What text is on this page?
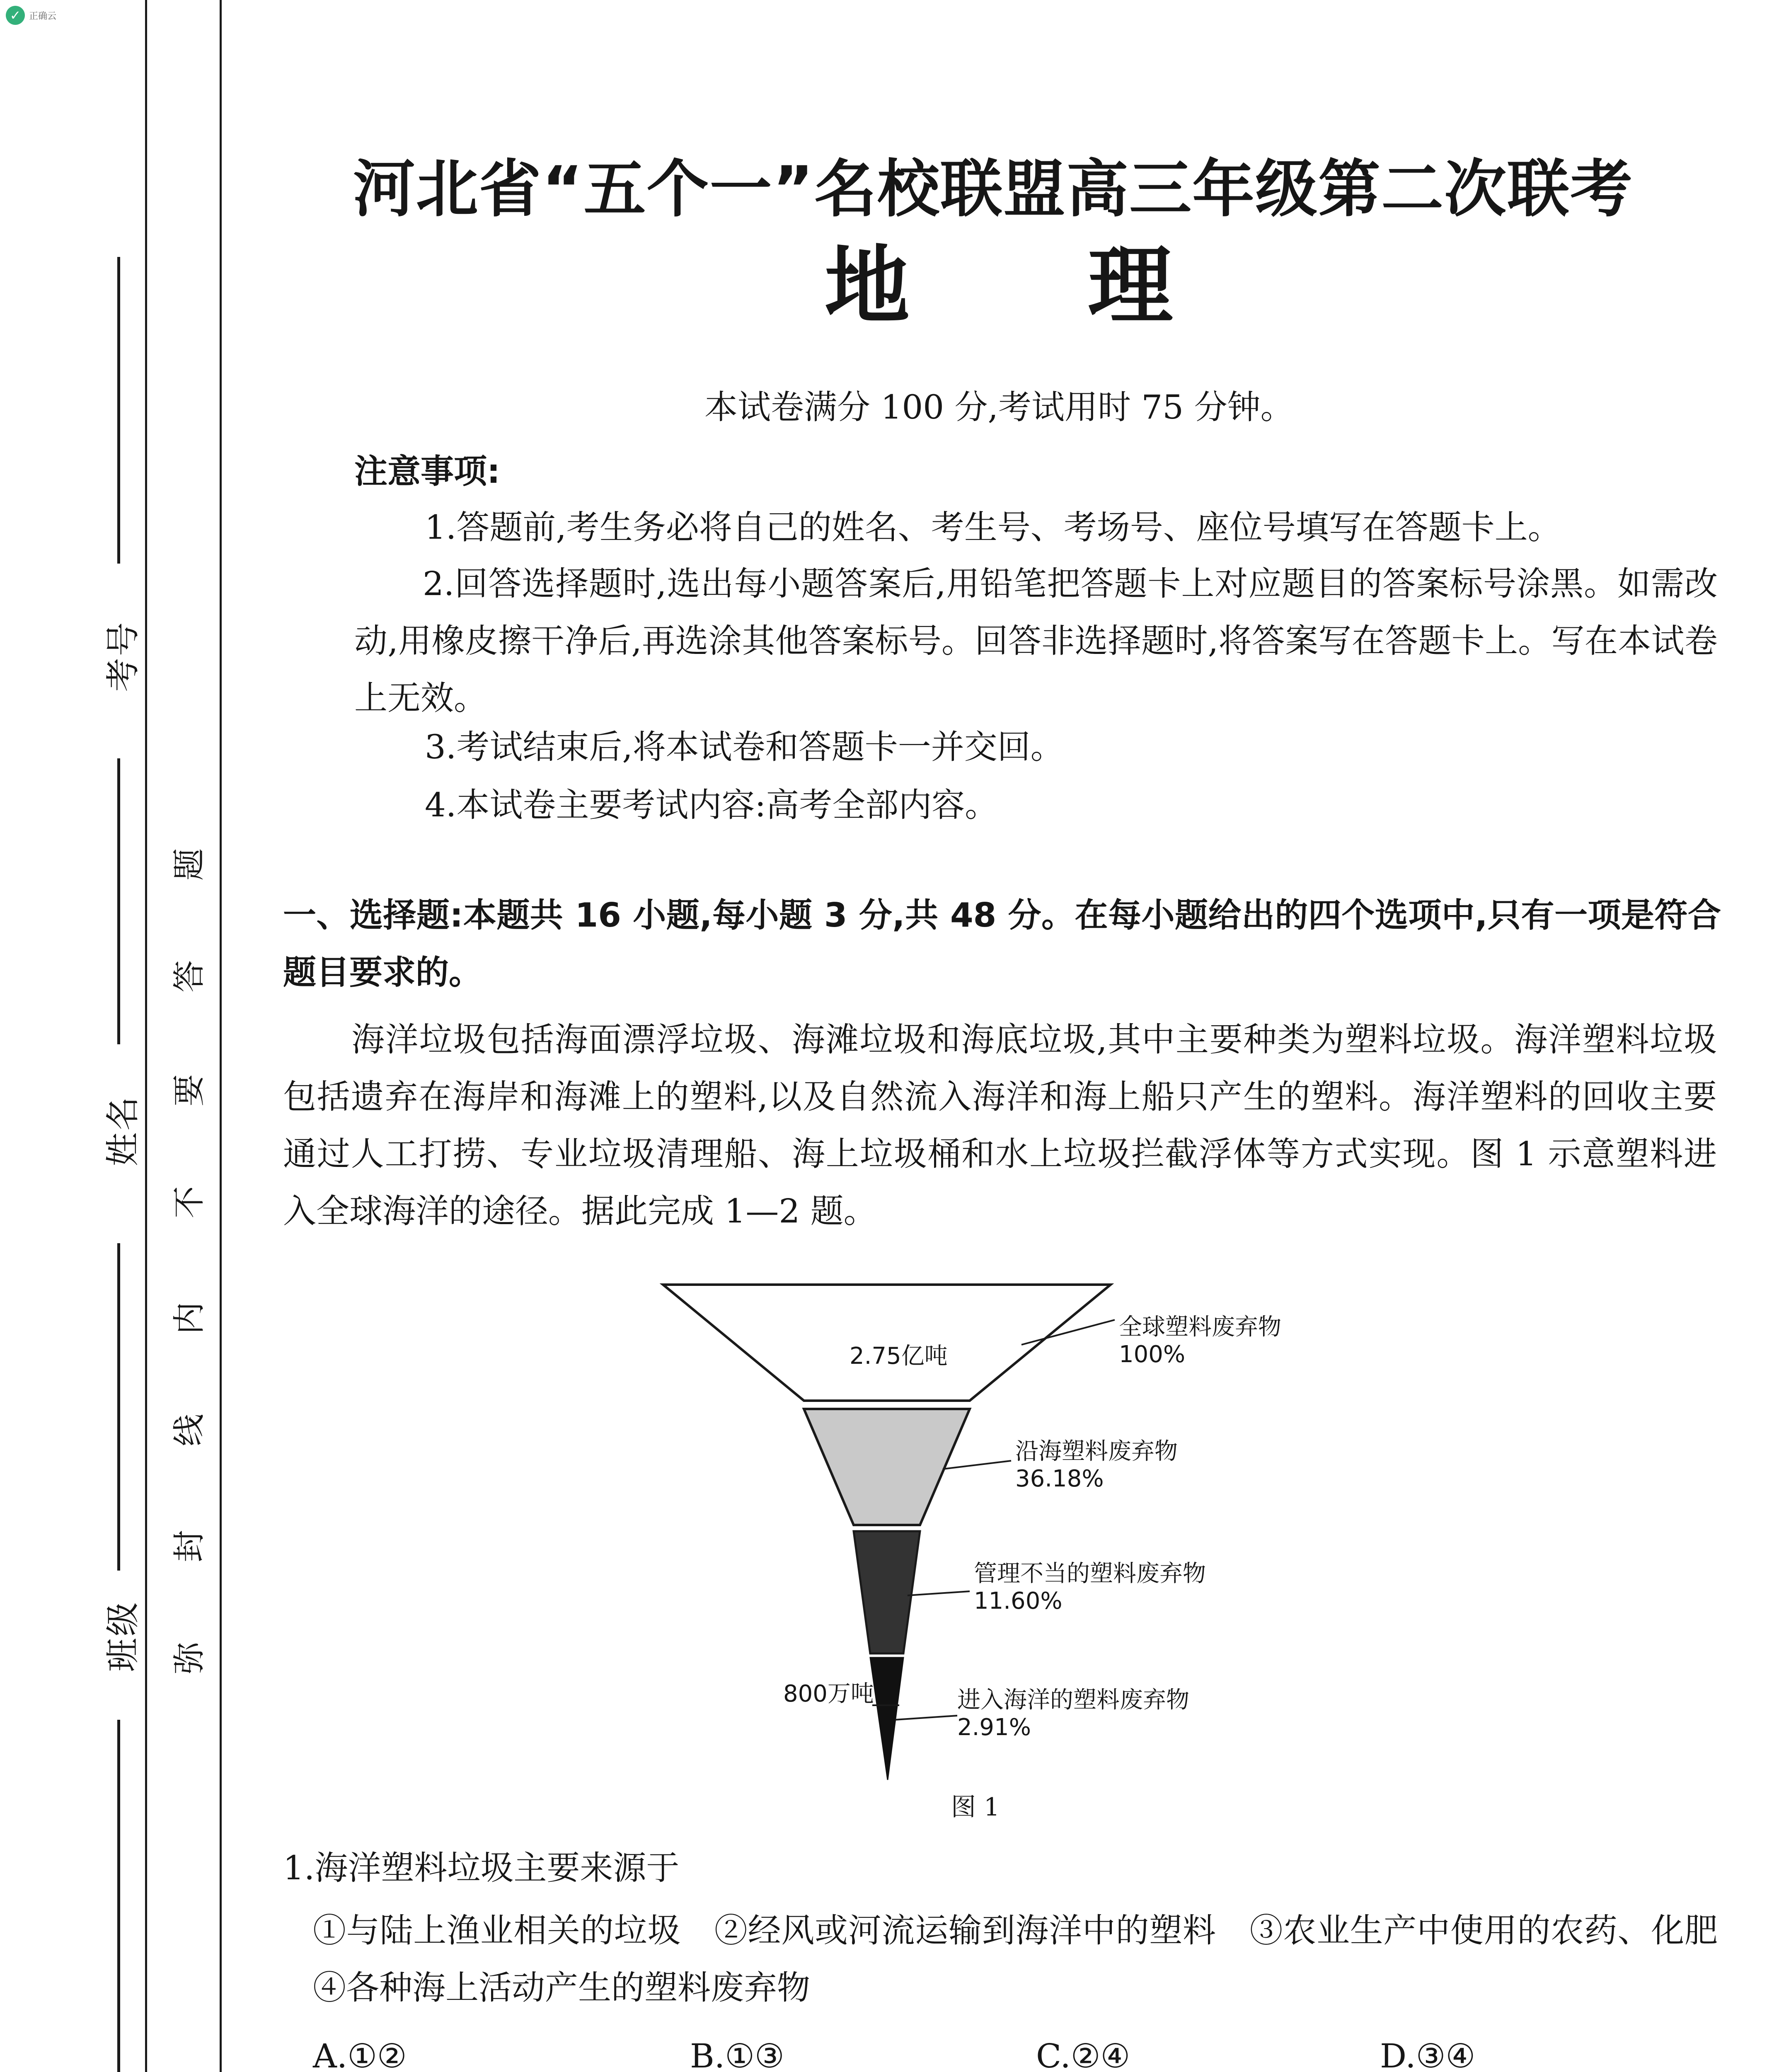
✓ 正确云
考号
姓名
班级
题
答
要
不
内
线
封
弥
河北省“五个一”名校联盟高三年级第二次联考
地理
本试卷满分 100 分,考试用时 75 分钟。
注意事项:
1.答题前,考生务必将自己的姓名、考生号、考场号、座位号填写在答题卡上。
2.回答选择题时,选出每小题答案后,用铅笔把答题卡上对应题目的答案标号涂黑。如需改动,用橡皮擦干净后,再选涂其他答案标号。回答非选择题时,将答案写在答题卡上。写在本试卷上无效。
3.考试结束后,将本试卷和答题卡一并交回。
4.本试卷主要考试内容:高考全部内容。
一、选择题:本题共 16 小题,每小题 3 分,共 48 分。在每小题给出的四个选项中,只有一项是符合题目要求的。
海洋垃圾包括海面漂浮垃圾、海滩垃圾和海底垃圾,其中主要种类为塑料垃圾。海洋塑料垃圾包括遗弃在海岸和海滩上的塑料,以及自然流入海洋和海上船只产生的塑料。海洋塑料的回收主要通过人工打捞、专业垃圾清理船、海上垃圾桶和水上垃圾拦截浮体等方式实现。图 1 示意塑料进入全球海洋的途径。据此完成 1—2 题。
2.75亿吨
800万吨
全球塑料废弃物
100%
沿海塑料废弃物
36.18%
管理不当的塑料废弃物
11.60%
进入海洋的塑料废弃物
2.91%
图 1
1.海洋塑料垃圾主要来源于
①与陆上渔业相关的垃圾　②经风或河流运输到海洋中的塑料　③农业生产中使用的农药、化肥　④各种海上活动产生的塑料废弃物
A.①②	B.①③	C.②④	D.③④
